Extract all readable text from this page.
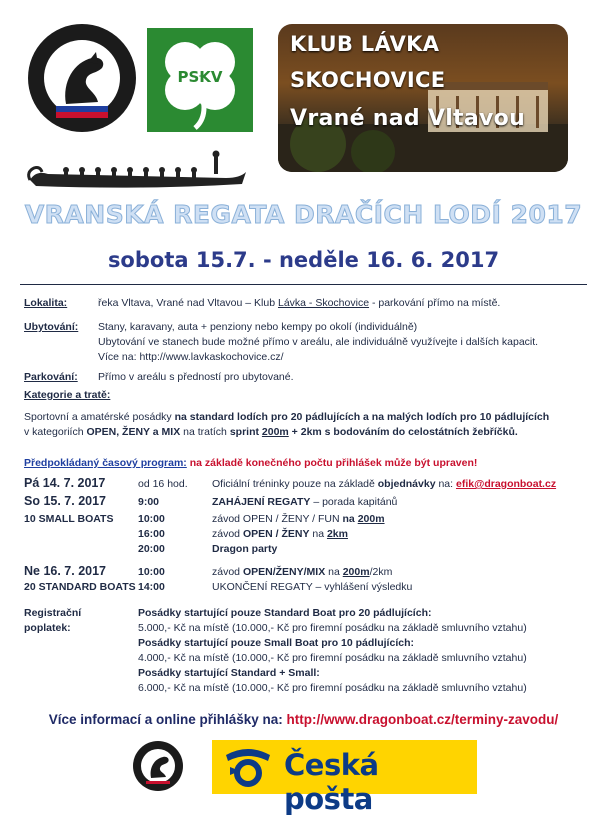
PSKV
KLUB LÁVKA
SKOCHOVICE
Vrané nad Vltavou
VRANSKÁ REGATA DRAČÍCH LODÍ 2017
sobota 15.7. - neděle 16. 6. 2017
Lokalita:	řeka Vltava, Vrané nad Vltavou – Klub Lávka - Skochovice - parkování přímo na místě.
Ubytování: Stany, karavany, auta + penziony nebo kempy po okolí (individuálně)
Ubytování ve stanech bude možné přímo v areálu, ale individuálně využívejte i dalších kapacit.
Více na: http://www.lavkaskochovice.cz/
Parkování: Přímo v areálu s předností pro ubytované.
Kategorie a tratě:
Sportovní a amatérské posádky na standard lodích pro 20 pádlujících a na malých lodích pro 10 pádlujících
v kategoriích OPEN, ŽENY a MIX na tratích sprint 200m + 2km s bodováním do celostátních žebříčků.
Předpokládaný časový program: na základě konečného počtu přihlášek může být upraven!
Pá 14. 7. 2017	od 16 hod. Oficiální tréninky pouze na základě objednávky na: efik@dragonboat.cz
So 15. 7. 2017	9:00	ZAHÁJENÍ REGATY – porada kapitánů
10 SMALL BOATS 10:00	závod OPEN / ŽENY / FUN na 200m
16:00	závod OPEN / ŽENY na 2km
20:00	Dragon party
Ne 16. 7. 2017	10:00	závod OPEN/ŽENY/MIX na 200m/2km
20 STANDARD BOATS 14:00	UKONČENÍ REGATY – vyhlášení výsledku
Registrační
poplatek:
Posádky startující pouze Standard Boat pro 20 pádlujících:
5.000,- Kč na místě (10.000,- Kč pro firemní posádku na základě smluvního vztahu)
Posádky startující pouze Small Boat pro 10 pádlujících:
4.000,- Kč na místě (10.000,- Kč pro firemní posádku na základě smluvního vztahu)
Posádky startující Standard + Small:
6.000,- Kč na místě (10.000,- Kč pro firemní posádku na základě smluvního vztahu)
Více informací a online přihlášky na: http://www.dragonboat.cz/terminy-zavodu/
Česká pošta
